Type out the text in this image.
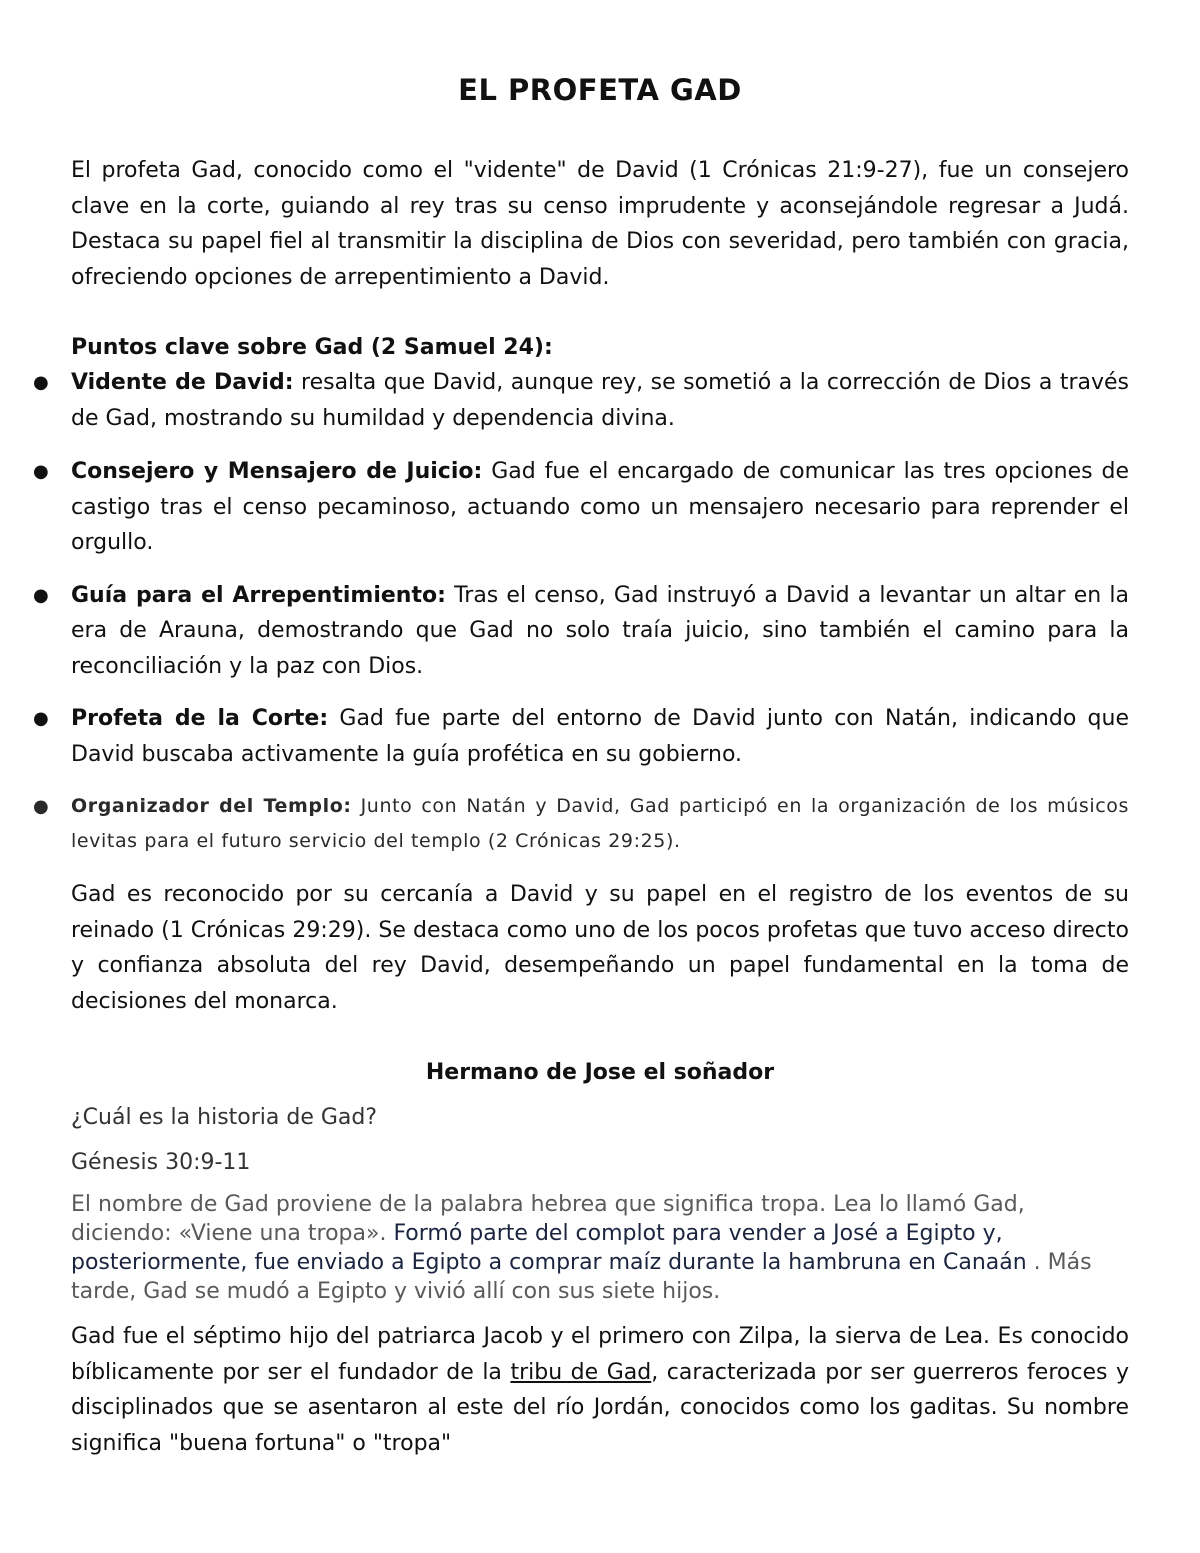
EL PROFETA GAD

El profeta Gad, conocido como el "vidente" de David (1 Crónicas 21:9-27), fue un consejero clave en la corte, guiando al rey tras su censo imprudente y aconsejándole regresar a Judá. Destaca su papel fiel al transmitir la disciplina de Dios con severidad, pero también con gracia, ofreciendo opciones de arrepentimiento a David.

Puntos clave sobre Gad (2 Samuel 24):
● Vidente de David: resalta que David, aunque rey, se sometió a la corrección de Dios a través de Gad, mostrando su humildad y dependencia divina.
● Consejero y Mensajero de Juicio: Gad fue el encargado de comunicar las tres opciones de castigo tras el censo pecaminoso, actuando como un mensajero necesario para reprender el orgullo.
● Guía para el Arrepentimiento: Tras el censo, Gad instruyó a David a levantar un altar en la era de Arauna, demostrando que Gad no solo traía juicio, sino también el camino para la reconciliación y la paz con Dios.
● Profeta de la Corte: Gad fue parte del entorno de David junto con Natán, indicando que David buscaba activamente la guía profética en su gobierno.
● Organizador del Templo: Junto con Natán y David, Gad participó en la organización de los músicos levitas para el futuro servicio del templo (2 Crónicas 29:25).

Gad es reconocido por su cercanía a David y su papel en el registro de los eventos de su reinado (1 Crónicas 29:29). Se destaca como uno de los pocos profetas que tuvo acceso directo y confianza absoluta del rey David, desempeñando un papel fundamental en la toma de decisiones del monarca.

Hermano de Jose el soñador
¿Cuál es la historia de Gad?
Génesis 30:9-11
El nombre de Gad proviene de la palabra hebrea que significa tropa. Lea lo llamó Gad, diciendo: «Viene una tropa». Formó parte del complot para vender a José a Egipto y, posteriormente, fue enviado a Egipto a comprar maíz durante la hambruna en Canaán . Más tarde, Gad se mudó a Egipto y vivió allí con sus siete hijos.

Gad fue el séptimo hijo del patriarca Jacob y el primero con Zilpa, la sierva de Lea. Es conocido bíblicamente por ser el fundador de la tribu de Gad, caracterizada por ser guerreros feroces y disciplinados que se asentaron al este del río Jordán, conocidos como los gaditas. Su nombre significa "buena fortuna" o "tropa"
